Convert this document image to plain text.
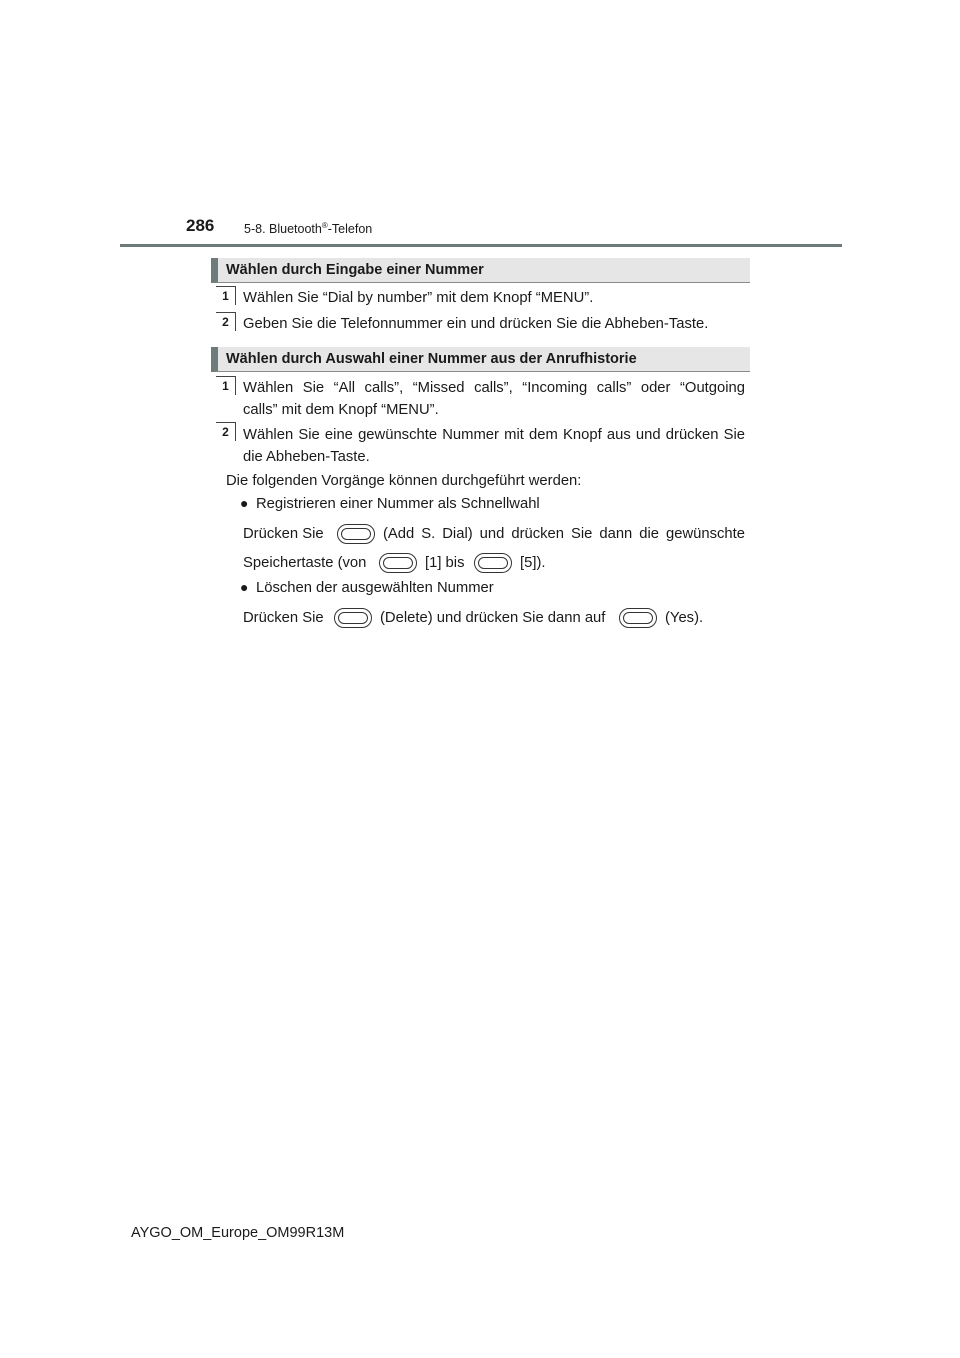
286 5-8. Bluetooth®-Telefon
Wählen durch Eingabe einer Nummer
1 Wählen Sie “Dial by number” mit dem Knopf “MENU”.
2 Geben Sie die Telefonnummer ein und drücken Sie die Abheben-Taste.
Wählen durch Auswahl einer Nummer aus der Anrufhistorie
1 Wählen Sie “All calls”, “Missed calls”, “Incoming calls” oder “Outgoing
calls” mit dem Knopf “MENU”.
2 Wählen Sie eine gewünschte Nummer mit dem Knopf aus und drücken Sie
die Abheben-Taste.
Die folgenden Vorgänge können durchgeführt werden:
● Registrieren einer Nummer als Schnellwahl
Drücken Sie	(Add S. Dial) und drücken Sie dann die gewünschte
Speichertaste (von	[1] bis	[5]).
● Löschen der ausgewählten Nummer
Drücken Sie	(Delete) und drücken Sie dann auf	(Yes).
AYGO_OM_Europe_OM99R13M
